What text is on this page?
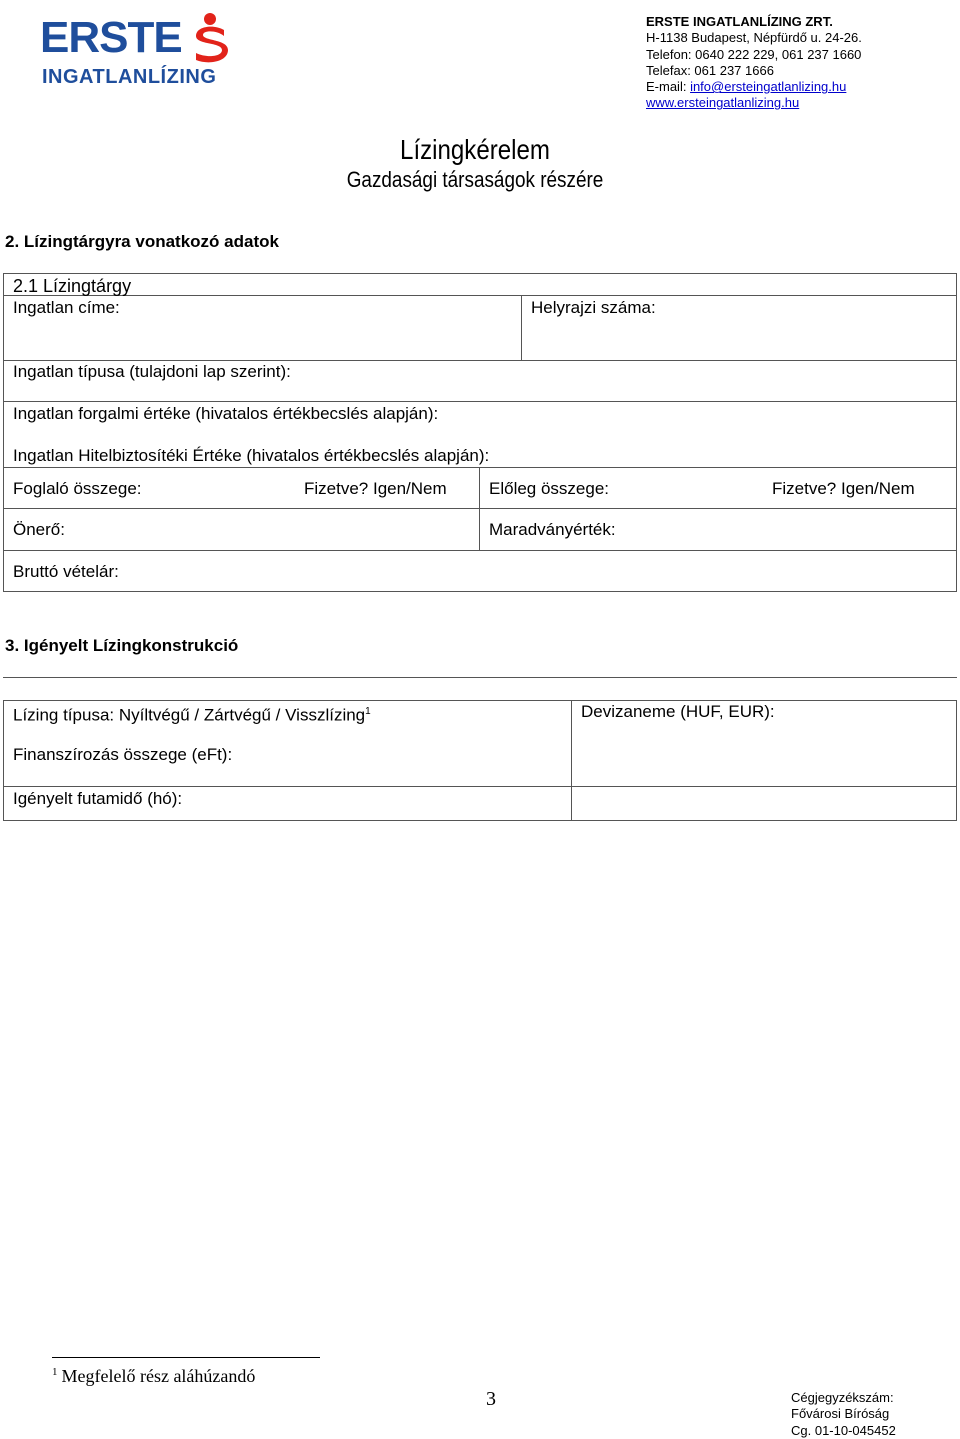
ERSTE
INGATLANLÍZING
ERSTE INGATLANLÍZING ZRT.
H-1138 Budapest, Népfürdő u. 24-26.
Telefon: 0640 222 229, 061 237 1660
Telefax: 061 237 1666
E-mail: info@ersteingatlanlizing.hu
www.ersteingatlanlizing.hu
Lízingkérelem
Gazdasági társaságok részére
2. Lízingtárgyra vonatkozó adatok
2.1 Lízingtárgy
Ingatlan címe:	Helyrajzi száma:
Ingatlan típusa (tulajdoni lap szerint):
Ingatlan forgalmi értéke (hivatalos értékbecslés alapján):
Ingatlan Hitelbiztosítéki Értéke (hivatalos értékbecslés alapján):
Foglaló összege:	Fizetve? Igen/Nem Előleg összege:	Fizetve? Igen/Nem
Önerő:	Maradványérték:
Bruttó vételár:
3. Igényelt Lízingkonstrukció
Lízing típusa: Nyíltvégű / Zártvégű / Visszlízing$^1$	Devizaneme (HUF, EUR):
Finanszírozás összege (eFt):
Igényelt futamidő (hó):
$^1$ Megfelelő rész aláhúzandó
3	Cégjegyzékszám:
Fővárosi Bíróság
Cg. 01-10-045452
